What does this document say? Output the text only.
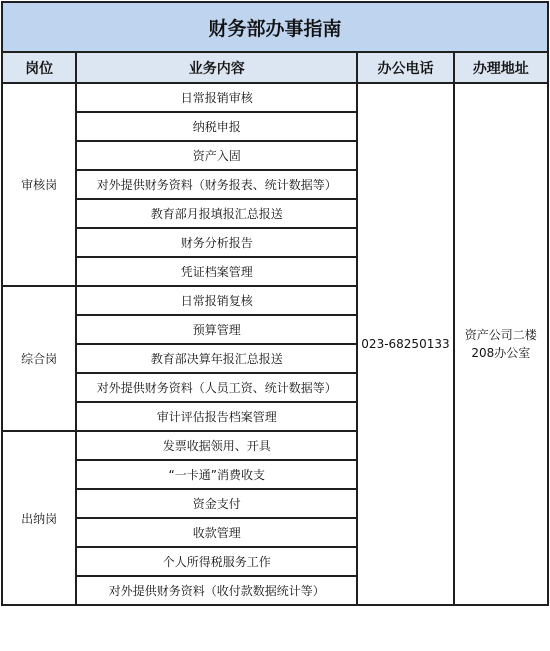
财务部办事指南			
岗位	业务内容	办公电话	办理地址
审核岗	日常报销审核	023-68250133	资产公司二楼
208办公室
	纳税申报		
	资产入固		
	对外提供财务资料（财务报表、统计数据等）		
	教育部月报填报汇总报送		
	财务分析报告		
	凭证档案管理		
综合岗	日常报销复核		
	预算管理		
	教育部决算年报汇总报送		
	对外提供财务资料（人员工资、统计数据等）		
	审计评估报告档案管理		
出纳岗	发票收据领用、开具		
	“一卡通”消费收支		
	资金支付		
	收款管理		
	个人所得税服务工作		
	对外提供财务资料（收付款数据统计等）		
